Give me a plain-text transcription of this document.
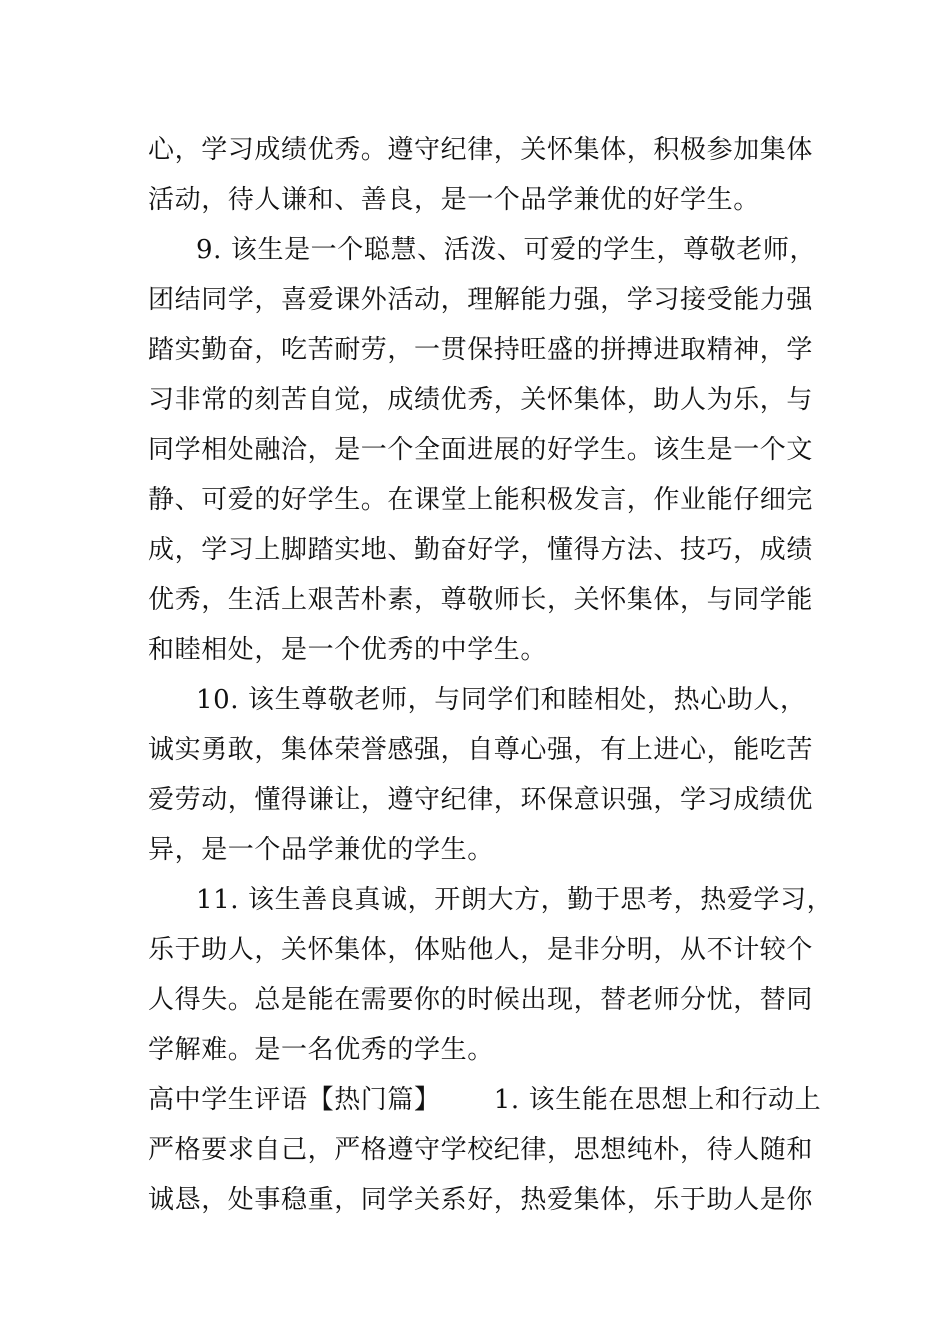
心，学习成绩优秀。遵守纪律，关怀集体，积极参加集体
活动，待人谦和、善良，是一个品学兼优的好学生。
9. 该生是一个聪慧、活泼、可爱的学生，尊敬老师，
团结同学，喜爱课外活动，理解能力强，学习接受能力强
踏实勤奋，吃苦耐劳，一贯保持旺盛的拼搏进取精神，学
习非常的刻苦自觉，成绩优秀，关怀集体，助人为乐，与
同学相处融洽，是一个全面进展的好学生。该生是一个文
静、可爱的好学生。在课堂上能积极发言，作业能仔细完
成，学习上脚踏实地、勤奋好学，懂得方法、技巧，成绩
优秀，生活上艰苦朴素，尊敬师长，关怀集体，与同学能
和睦相处，是一个优秀的中学生。
10. 该生尊敬老师，与同学们和睦相处，热心助人，
诚实勇敢，集体荣誉感强，自尊心强，有上进心，能吃苦
爱劳动，懂得谦让，遵守纪律，环保意识强，学习成绩优
异，是一个品学兼优的学生。
11. 该生善良真诚，开朗大方，勤于思考，热爱学习，
乐于助人，关怀集体，体贴他人，是非分明，从不计较个
人得失。总是能在需要你的时候出现，替老师分忧，替同
学解难。是一名优秀的学生。
高中学生评语【热门篇】      1. 该生能在思想上和行动上
严格要求自己，严格遵守学校纪律，思想纯朴，待人随和
诚恳，处事稳重，同学关系好，热爱集体，乐于助人是你
